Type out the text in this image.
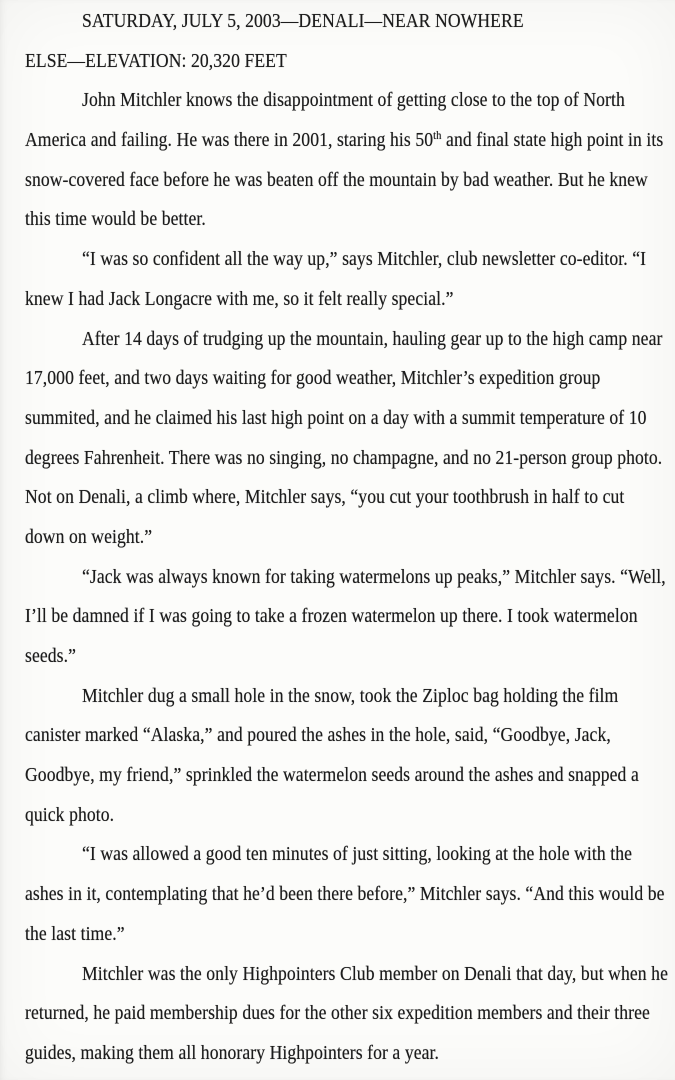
SATURDAY, JULY 5, 2003—DENALI—NEAR NOWHERE
ELSE—ELEVATION: 20,320 FEET
John Mitchler knows the disappointment of getting close to the top of North
America and failing. He was there in 2001, staring his 50th and final state high point in its
snow-covered face before he was beaten off the mountain by bad weather. But he knew
this time would be better.
“I was so confident all the way up,” says Mitchler, club newsletter co-editor. “I
knew I had Jack Longacre with me, so it felt really special.”
After 14 days of trudging up the mountain, hauling gear up to the high camp near
17,000 feet, and two days waiting for good weather, Mitchler’s expedition group
summited, and he claimed his last high point on a day with a summit temperature of 10
degrees Fahrenheit. There was no singing, no champagne, and no 21-person group photo.
Not on Denali, a climb where, Mitchler says, “you cut your toothbrush in half to cut
down on weight.”
“Jack was always known for taking watermelons up peaks,” Mitchler says. “Well,
I’ll be damned if I was going to take a frozen watermelon up there. I took watermelon
seeds.”
Mitchler dug a small hole in the snow, took the Ziploc bag holding the film
canister marked “Alaska,” and poured the ashes in the hole, said, “Goodbye, Jack,
Goodbye, my friend,” sprinkled the watermelon seeds around the ashes and snapped a
quick photo.
“I was allowed a good ten minutes of just sitting, looking at the hole with the
ashes in it, contemplating that he’d been there before,” Mitchler says. “And this would be
the last time.”
Mitchler was the only Highpointers Club member on Denali that day, but when he
returned, he paid membership dues for the other six expedition members and their three
guides, making them all honorary Highpointers for a year.
